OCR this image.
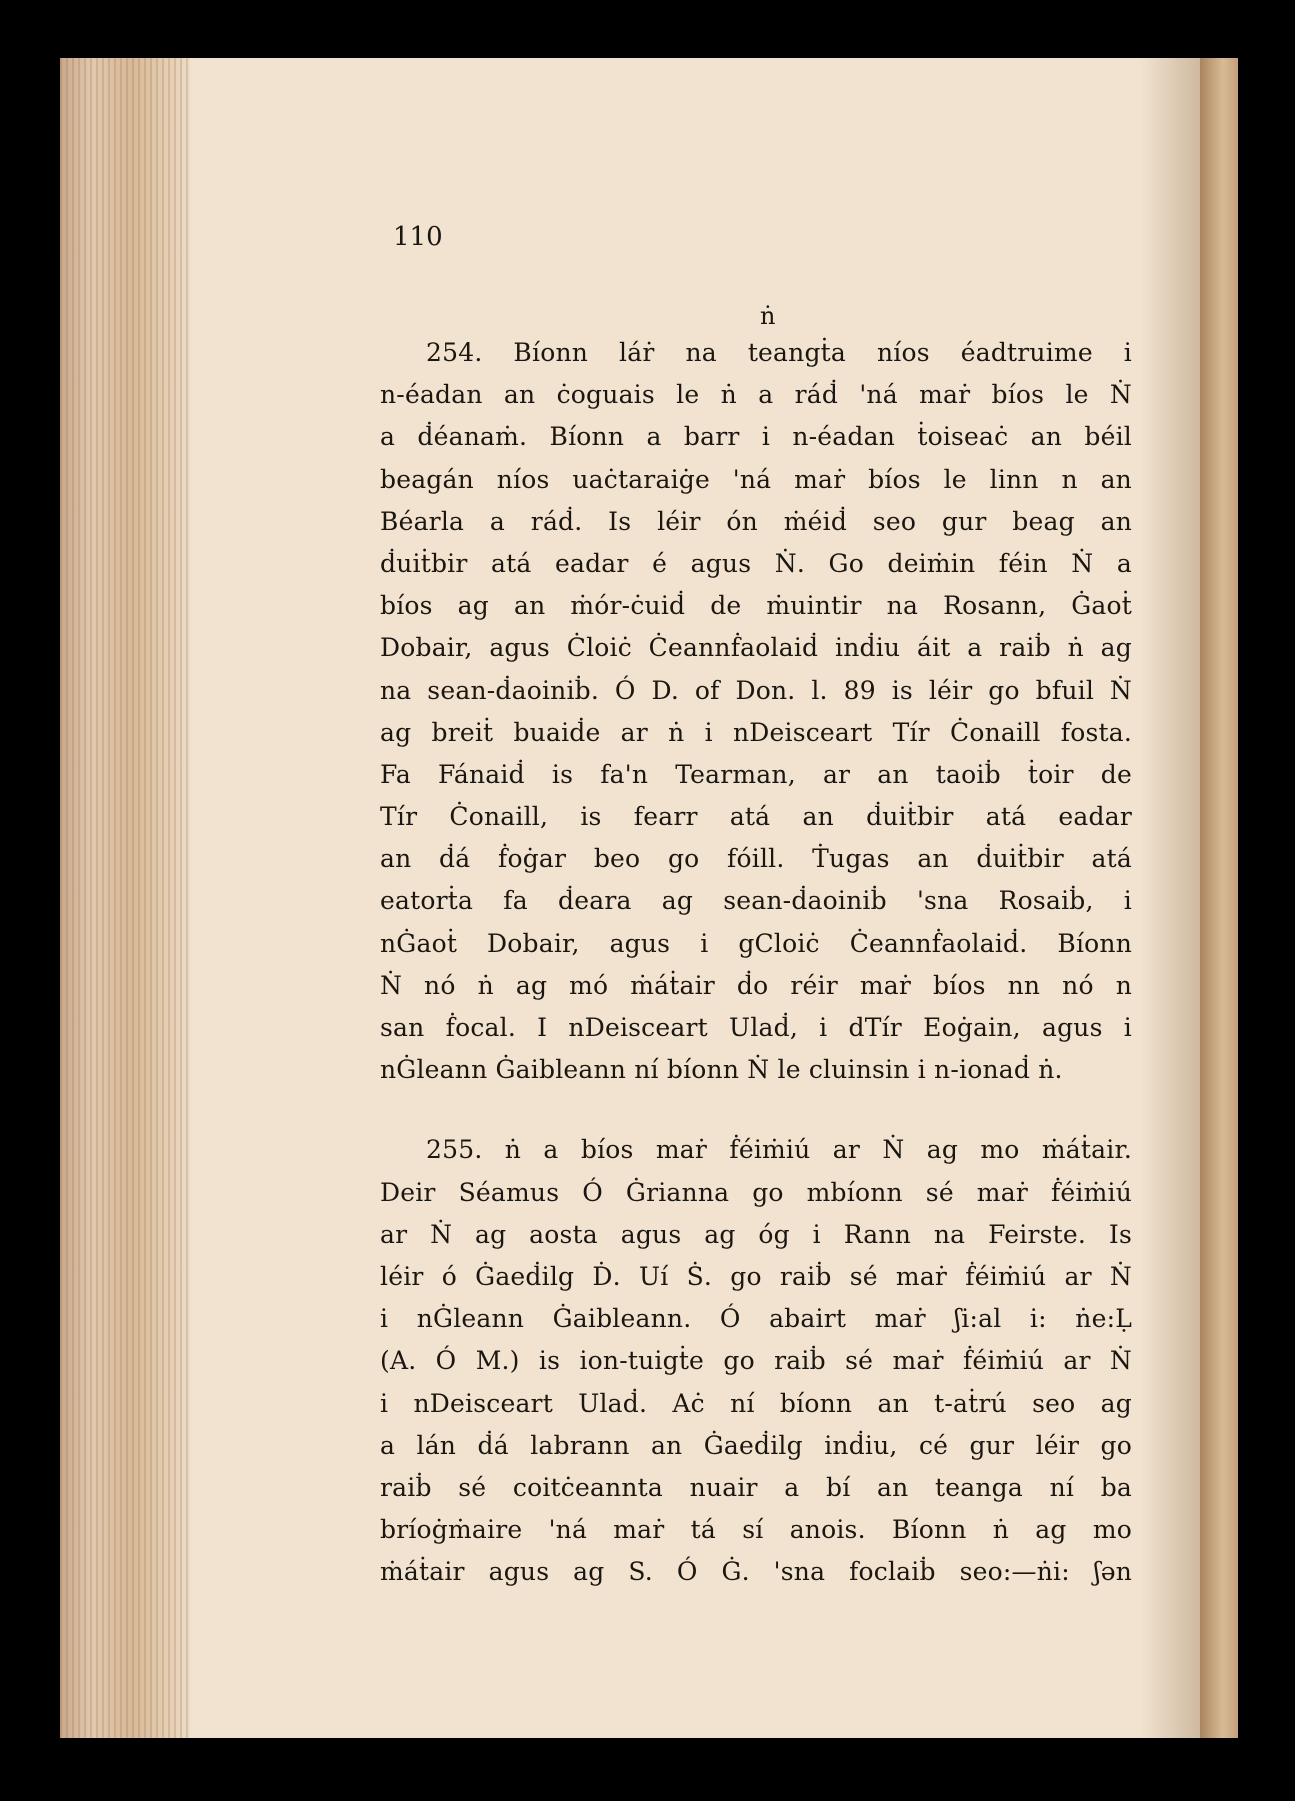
110
ṅ
254. Bíonn láṙ na teangṫa níos éadtruime i
n-éadan an ċoguais le ṅ a ráḋ 'ná maṙ bíos le Ṅ
a ḋéanaṁ. Bíonn a barr i n-éadan ṫoiseaċ an béil
beagán níos uaċtaraiġe 'ná maṙ bíos le linn n an
Béarla a ráḋ. Is léir ón ṁéiḋ seo gur beag an
ḋuiṫbir atá eadar é agus Ṅ. Go deiṁin féin Ṅ a
bíos ag an ṁór-ċuiḋ de ṁuintir na Rosann, Ġaoṫ
Dobair, agus Ċloiċ Ċeannḟaolaiḋ inḋiu áit a raiḃ ṅ ag
na sean-ḋaoiniḃ. Ó D. of Don. l. 89 is léir go bfuil Ṅ
ag breiṫ buaiḋe ar ṅ i nDeisceart Tír Ċonaill fosta.
Fa Fánaiḋ is fa'n Tearman, ar an taoiḃ ṫoir de
Tír Ċonaill, is fearr atá an ḋuiṫbir atá eadar
an ḋá ḟoġar beo go fóill. Ṫugas an ḋuiṫbir atá
eatorṫa fa ḋeara ag sean-ḋaoiniḃ 'sna Rosaiḃ, i
nĠaoṫ Dobair, agus i gCloiċ Ċeannḟaolaiḋ. Bíonn
Ṅ nó ṅ ag mó ṁáṫair ḋo réir maṙ bíos nn nó n
san ḟocal. I nDeisceart Ulaḋ, i dTír Eoġain, agus i
nĠleann Ġaibleann ní bíonn Ṅ le cluinsin i n-ionaḋ ṅ.
255. ṅ a bíos maṙ ḟéiṁiú ar Ṅ ag mo ṁáṫair.
Deir Séamus Ó Ġrianna go mbíonn sé maṙ ḟéiṁiú
ar Ṅ ag aosta agus ag óg i Rann na Feirste. Is
léir ó Ġaeḋilg Ḋ. Uí Ṡ. go raiḃ sé maṙ ḟéiṁiú ar Ṅ
i nĠleann Ġaibleann. Ó abairt maṙ ʃi:al i: ṅe:Ḷ
(A. Ó M.) is ion-tuigṫe go raiḃ sé maṙ ḟéiṁiú ar Ṅ
i nDeisceart Ulaḋ. Aċ ní bíonn an t-aṫrú seo ag
a lán ḋá labrann an Ġaeḋilg inḋiu, cé gur léir go
raiḃ sé coitċeannta nuair a bí an teanga ní ba
bríoġṁaire 'ná maṙ tá sí anois. Bíonn ṅ ag mo
ṁáṫair agus ag S. Ó Ġ. 'sna foclaiḃ seo:—ṅi: ʃən
